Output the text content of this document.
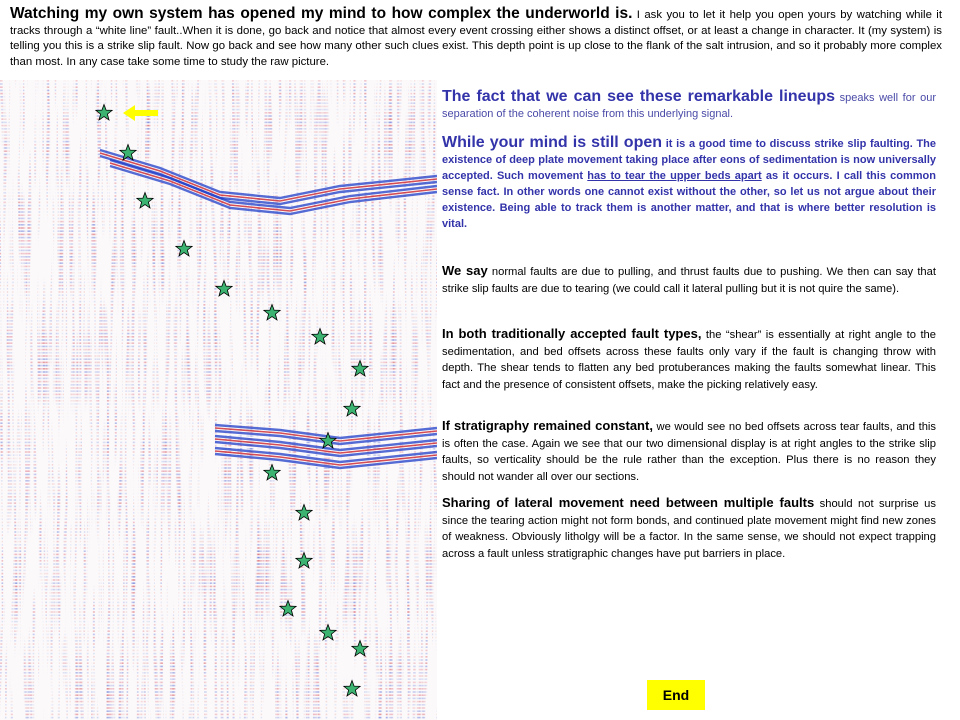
Watching my own system has opened my mind to how complex the underworld is. I ask you to let it help you open yours by watching while it tracks through a “white line” fault..When it is done, go back and notice that almost every event crossing either shows a distinct offset, or at least a change in character. It (my system) is telling you this is a strike slip fault. Now go back and see how many other such clues exist. This depth point is up close to the flank of the salt intrusion, and so it probably more complex than most. In any case take some time to study the raw picture.

The fact that we can see these remarkable lineups speaks well for our separation of the coherent noise from this underlying signal.

While your mind is still open it is a good time to discuss strike slip faulting. The existence of deep plate movement taking place after eons of sedimentation is now universally accepted. Such movement has to tear the upper beds apart as it occurs. I call this common sense fact. In other words one cannot exist without the other, so let us not argue about their existence. Being able to track them is another matter, and that is where better resolution is vital.

We say normal faults are due to pulling, and thrust faults due to pushing. We then can say that strike slip faults are due to tearing (we could call it lateral pulling but it is not quire the same).

In both traditionally accepted fault types, the “shear” is essentially at right angle to the sedimentation, and bed offsets across these faults only vary if the fault is changing throw with depth. The shear tends to flatten any bed protuberances making the faults somewhat linear. This fact and the presence of consistent offsets, make the picking relatively easy.

If stratigraphy remained constant, we would see no bed offsets across tear faults, and this is often the case. Again we see that our two dimensional display is at right angles to the strike slip faults, so verticality should be the rule rather than the exception. Plus there is no reason they should not wander all over our sections.

Sharing of lateral movement need between multiple faults should not surprise us since the tearing action might not form bonds, and continued plate movement might find new zones of weakness. Obviously litholgy will be a factor. In the same sense, we should not expect trapping across a fault unless stratigraphic changes have put barriers in place.

End
